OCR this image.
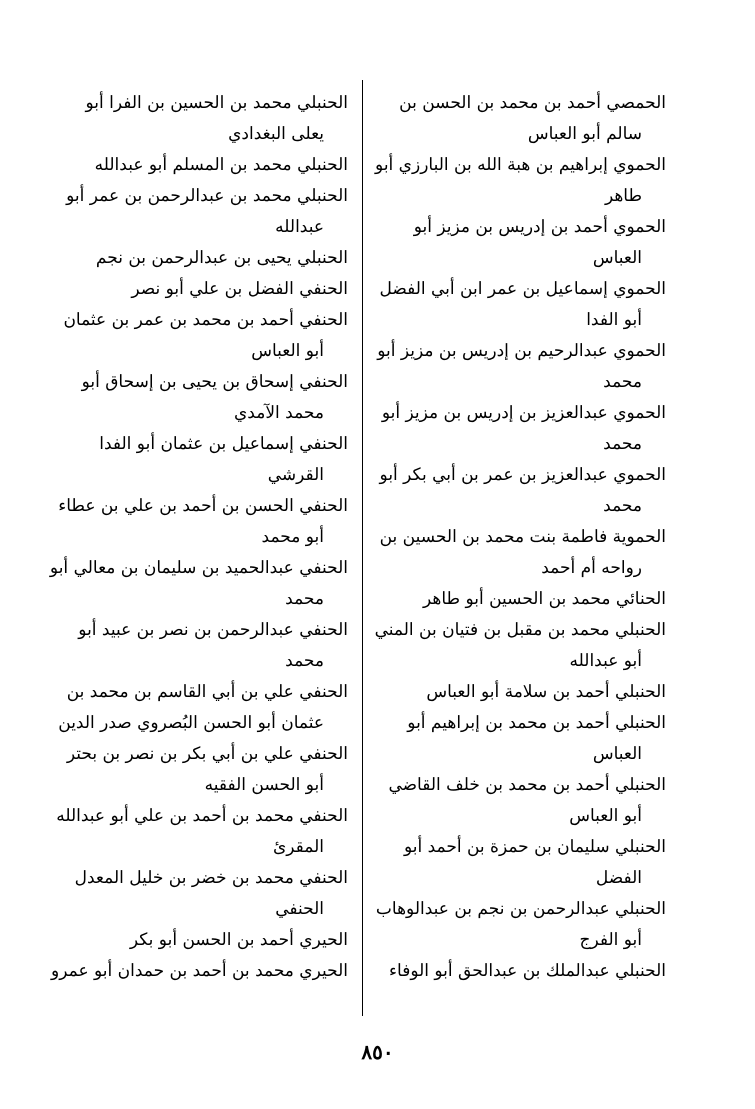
الحمصي أحمد بن محمد بن الحسن بن سالم أبو العباس
الحموي إبراهيم بن هبة الله بن البارزي أبو طاهر
الحموي أحمد بن إدريس بن مزيز أبو العباس
الحموي إسماعيل بن عمر ابن أبي الفضل أبو الفدا
الحموي عبدالرحيم بن إدريس بن مزيز أبو محمد
الحموي عبدالعزيز بن إدريس بن مزيز أبو محمد
الحموي عبدالعزيز بن عمر بن أبي بكر أبو محمد
الحموية فاطمة بنت محمد بن الحسين بن رواحه أم أحمد
الحنائي محمد بن الحسين أبو طاهر
الحنبلي محمد بن مقبل بن فتيان بن المني أبو عبدالله
الحنبلي أحمد بن سلامة أبو العباس
الحنبلي أحمد بن محمد بن إبراهيم أبو العباس
الحنبلي أحمد بن محمد بن خلف القاضي أبو العباس
الحنبلي سليمان بن حمزة بن أحمد أبو الفضل
الحنبلي عبدالرحمن بن نجم بن عبدالوهاب أبو الفرج
الحنبلي عبدالملك بن عبدالحق أبو الوفاء
الحنبلي محمد بن الحسين بن الفرا أبو يعلى البغدادي
الحنبلي محمد بن المسلم أبو عبدالله
الحنبلي محمد بن عبدالرحمن بن عمر أبو عبدالله
الحنبلي يحيى بن عبدالرحمن بن نجم
الحنفي الفضل بن علي أبو نصر
الحنفي أحمد بن محمد بن عمر بن عثمان أبو العباس
الحنفي إسحاق بن يحيى بن إسحاق أبو محمد الآمدي
الحنفي إسماعيل بن عثمان أبو الفدا القرشي
الحنفي الحسن بن أحمد بن علي بن عطاء أبو محمد
الحنفي عبدالحميد بن سليمان بن معالي أبو محمد
الحنفي عبدالرحمن بن نصر بن عبيد أبو محمد
الحنفي علي بن أبي القاسم بن محمد بن عثمان أبو الحسن البُصروي صدر الدين
الحنفي علي بن أبي بكر بن نصر بن بحتر أبو الحسن الفقيه
الحنفي محمد بن أحمد بن علي أبو عبدالله المقرئ
الحنفي محمد بن خضر بن خليل المعدل الحنفي
الحيري أحمد بن الحسن أبو بكر
الحيري محمد بن أحمد بن حمدان أبو عمرو
٨٥٠
